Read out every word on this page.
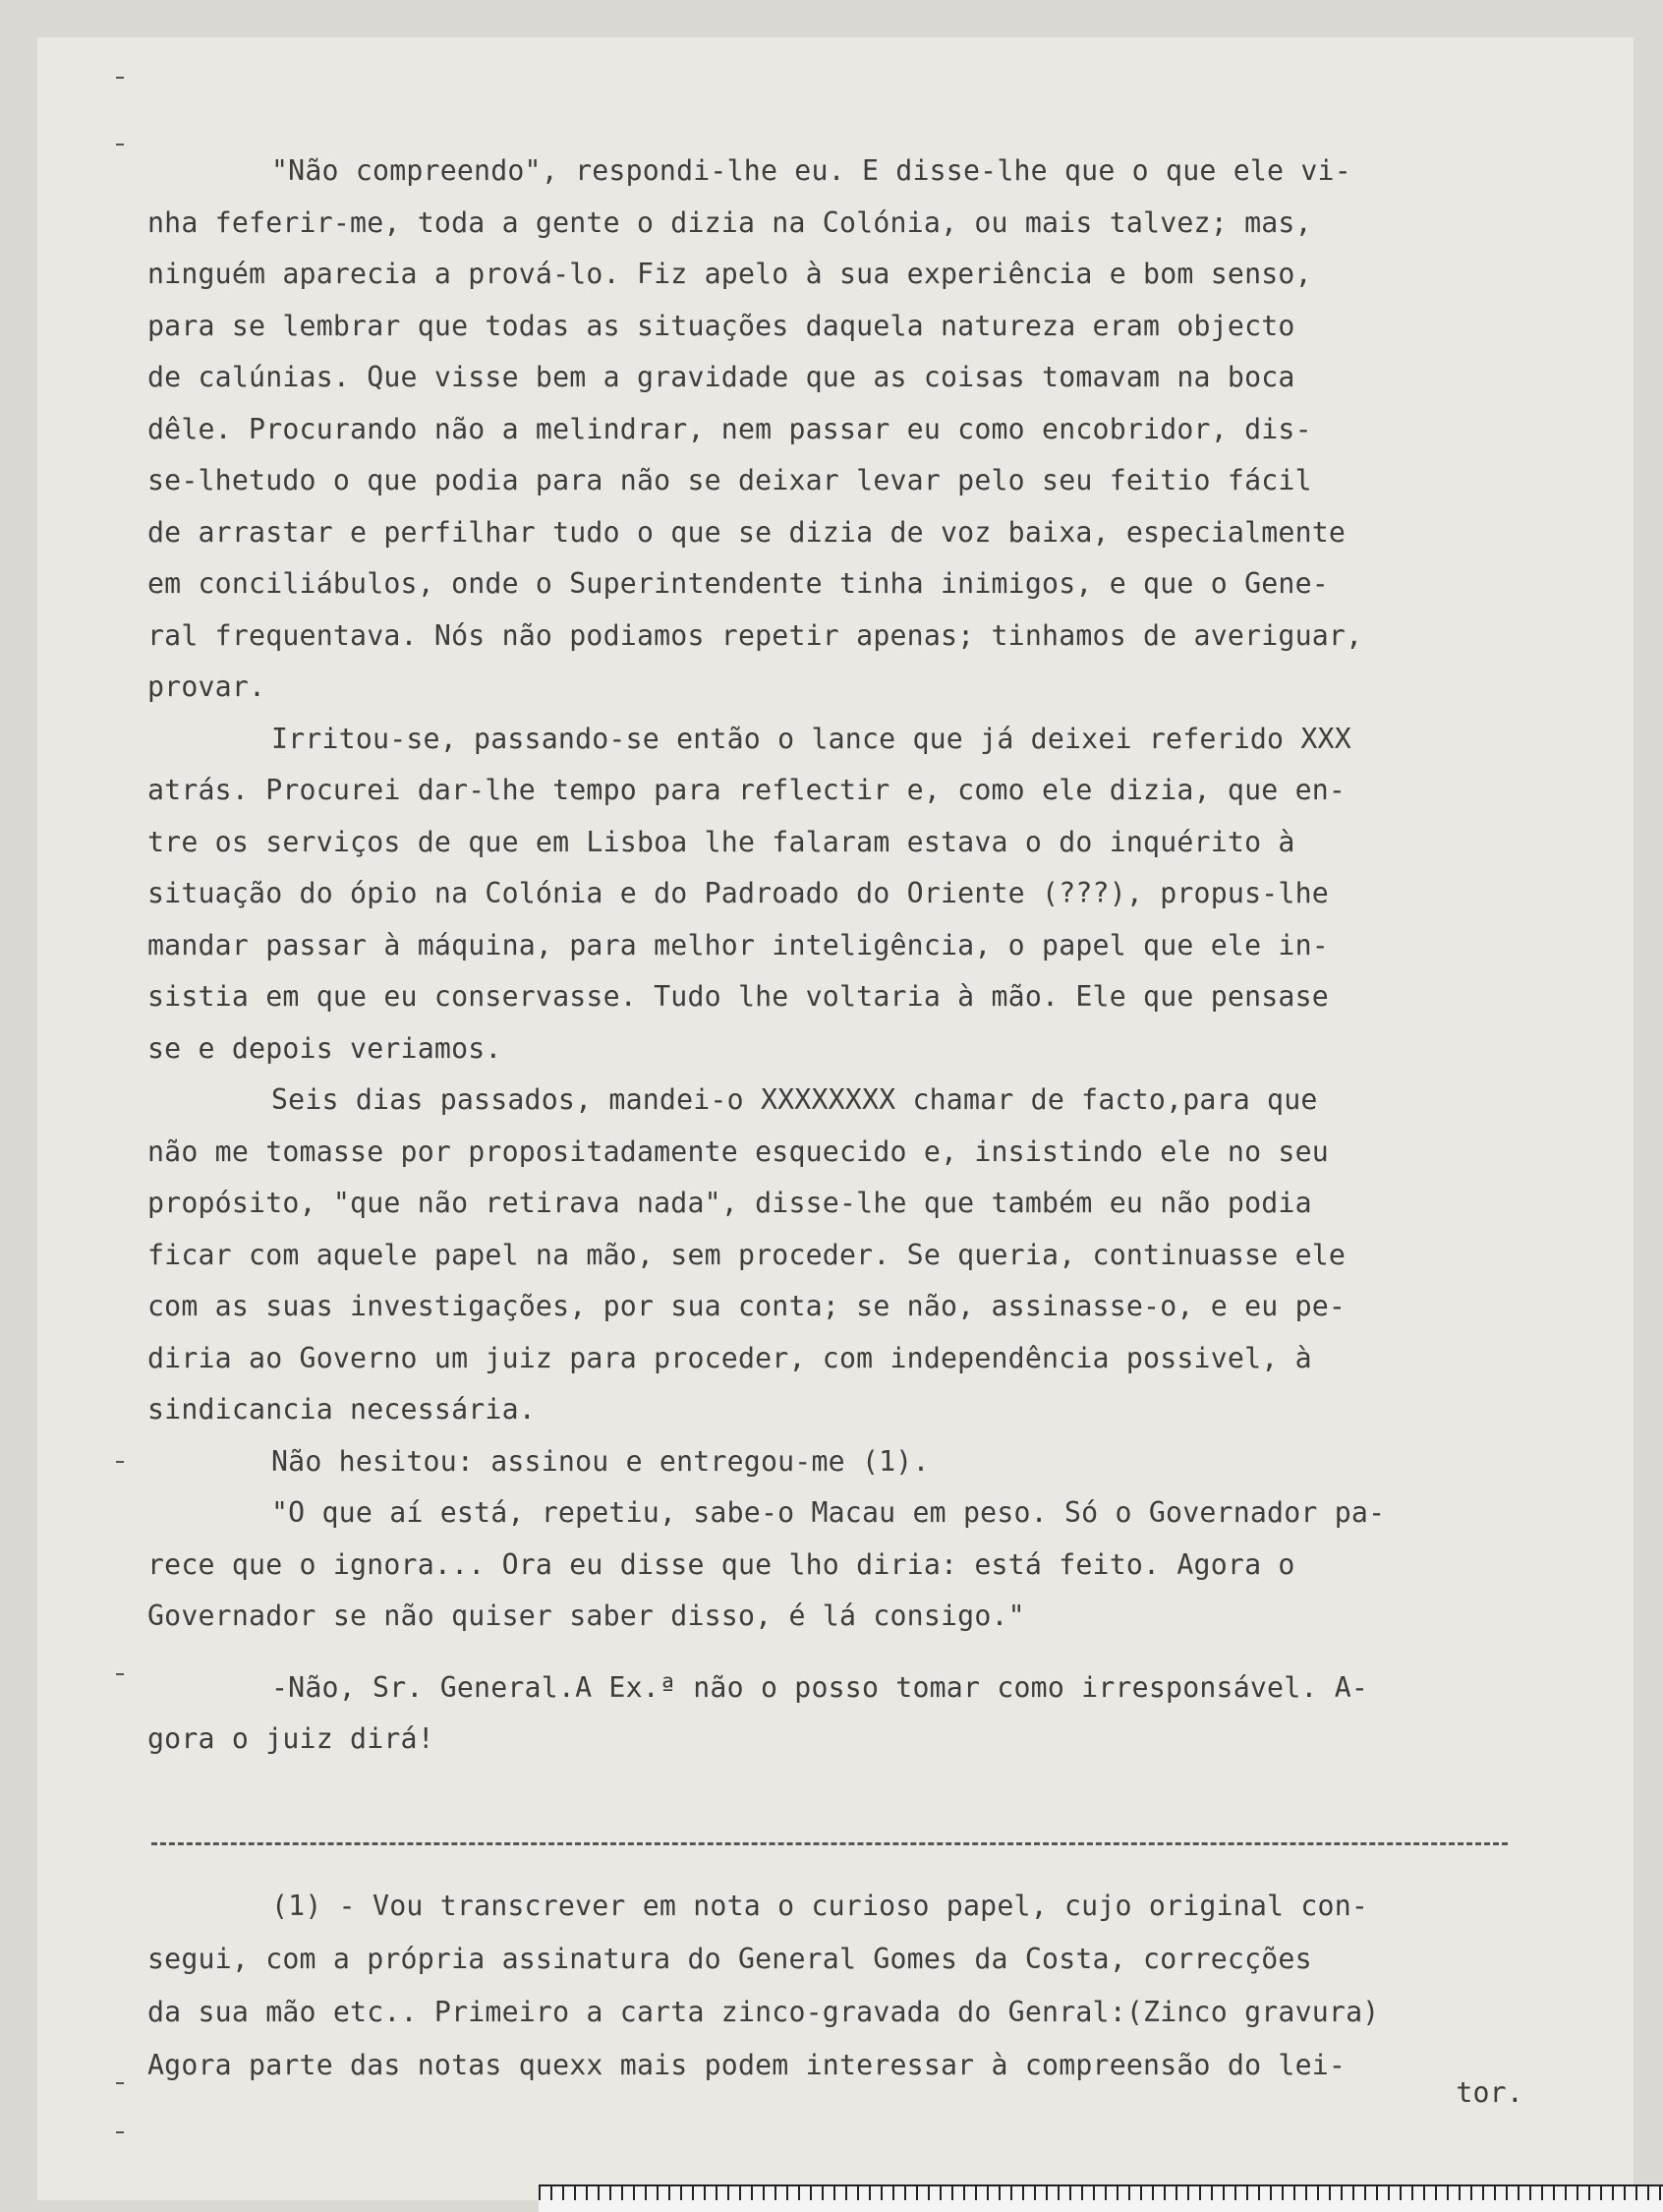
"Não compreendo", respondi-lhe eu. E disse-lhe que o que ele vi-
nha feferir-me, toda a gente o dizia na Colónia, ou mais talvez; mas,
ninguém aparecia a prová-lo. Fiz apelo à sua experiência e bom senso,
para se lembrar que todas as situações daquela natureza eram objecto
de calúnias. Que visse bem a gravidade que as coisas tomavam na boca
dêle. Procurando não a melindrar, nem passar eu como encobridor, dis-
se-lhetudo o que podia para não se deixar levar pelo seu feitio fácil
de arrastar e perfilhar tudo o que se dizia de voz baixa, especialmente
em conciliábulos, onde o Superintendente tinha inimigos, e que o Gene-
ral frequentava. Nós não podiamos repetir apenas; tinhamos de averiguar,
provar.
Irritou-se, passando-se então o lance que já deixei referido XXX
atrás. Procurei dar-lhe tempo para reflectir e, como ele dizia, que en-
tre os serviços de que em Lisboa lhe falaram estava o do inquérito à
situação do ópio na Colónia e do Padroado do Oriente (???), propus-lhe
mandar passar à máquina, para melhor inteligência, o papel que ele in-
sistia em que eu conservasse. Tudo lhe voltaria à mão. Ele que pensase
se e depois veriamos.
Seis dias passados, mandei-o XXXXXXXX chamar de facto,para que
não me tomasse por propositadamente esquecido e, insistindo ele no seu
propósito, "que não retirava nada", disse-lhe que também eu não podia
ficar com aquele papel na mão, sem proceder. Se queria, continuasse ele
com as suas investigações, por sua conta; se não, assinasse-o, e eu pe-
diria ao Governo um juiz para proceder, com independência possivel, à
sindicancia necessária.
Não hesitou: assinou e entregou-me (1).
"O que aí está, repetiu, sabe-o Macau em peso. Só o Governador pa-
rece que o ignora... Ora eu disse que lho diria: está feito. Agora o
Governador se não quiser saber disso, é lá consigo."
-Não, Sr. General.A Ex.ª não o posso tomar como irresponsável. A-
gora o juiz dirá!
(1) - Vou transcrever em nota o curioso papel, cujo original con-
segui, com a própria assinatura do General Gomes da Costa, correcções
da sua mão etc.. Primeiro a carta zinco-gravada do Genral:(Zinco gravura)
Agora parte das notas quexx mais podem interessar à compreensão do lei-
tor.
